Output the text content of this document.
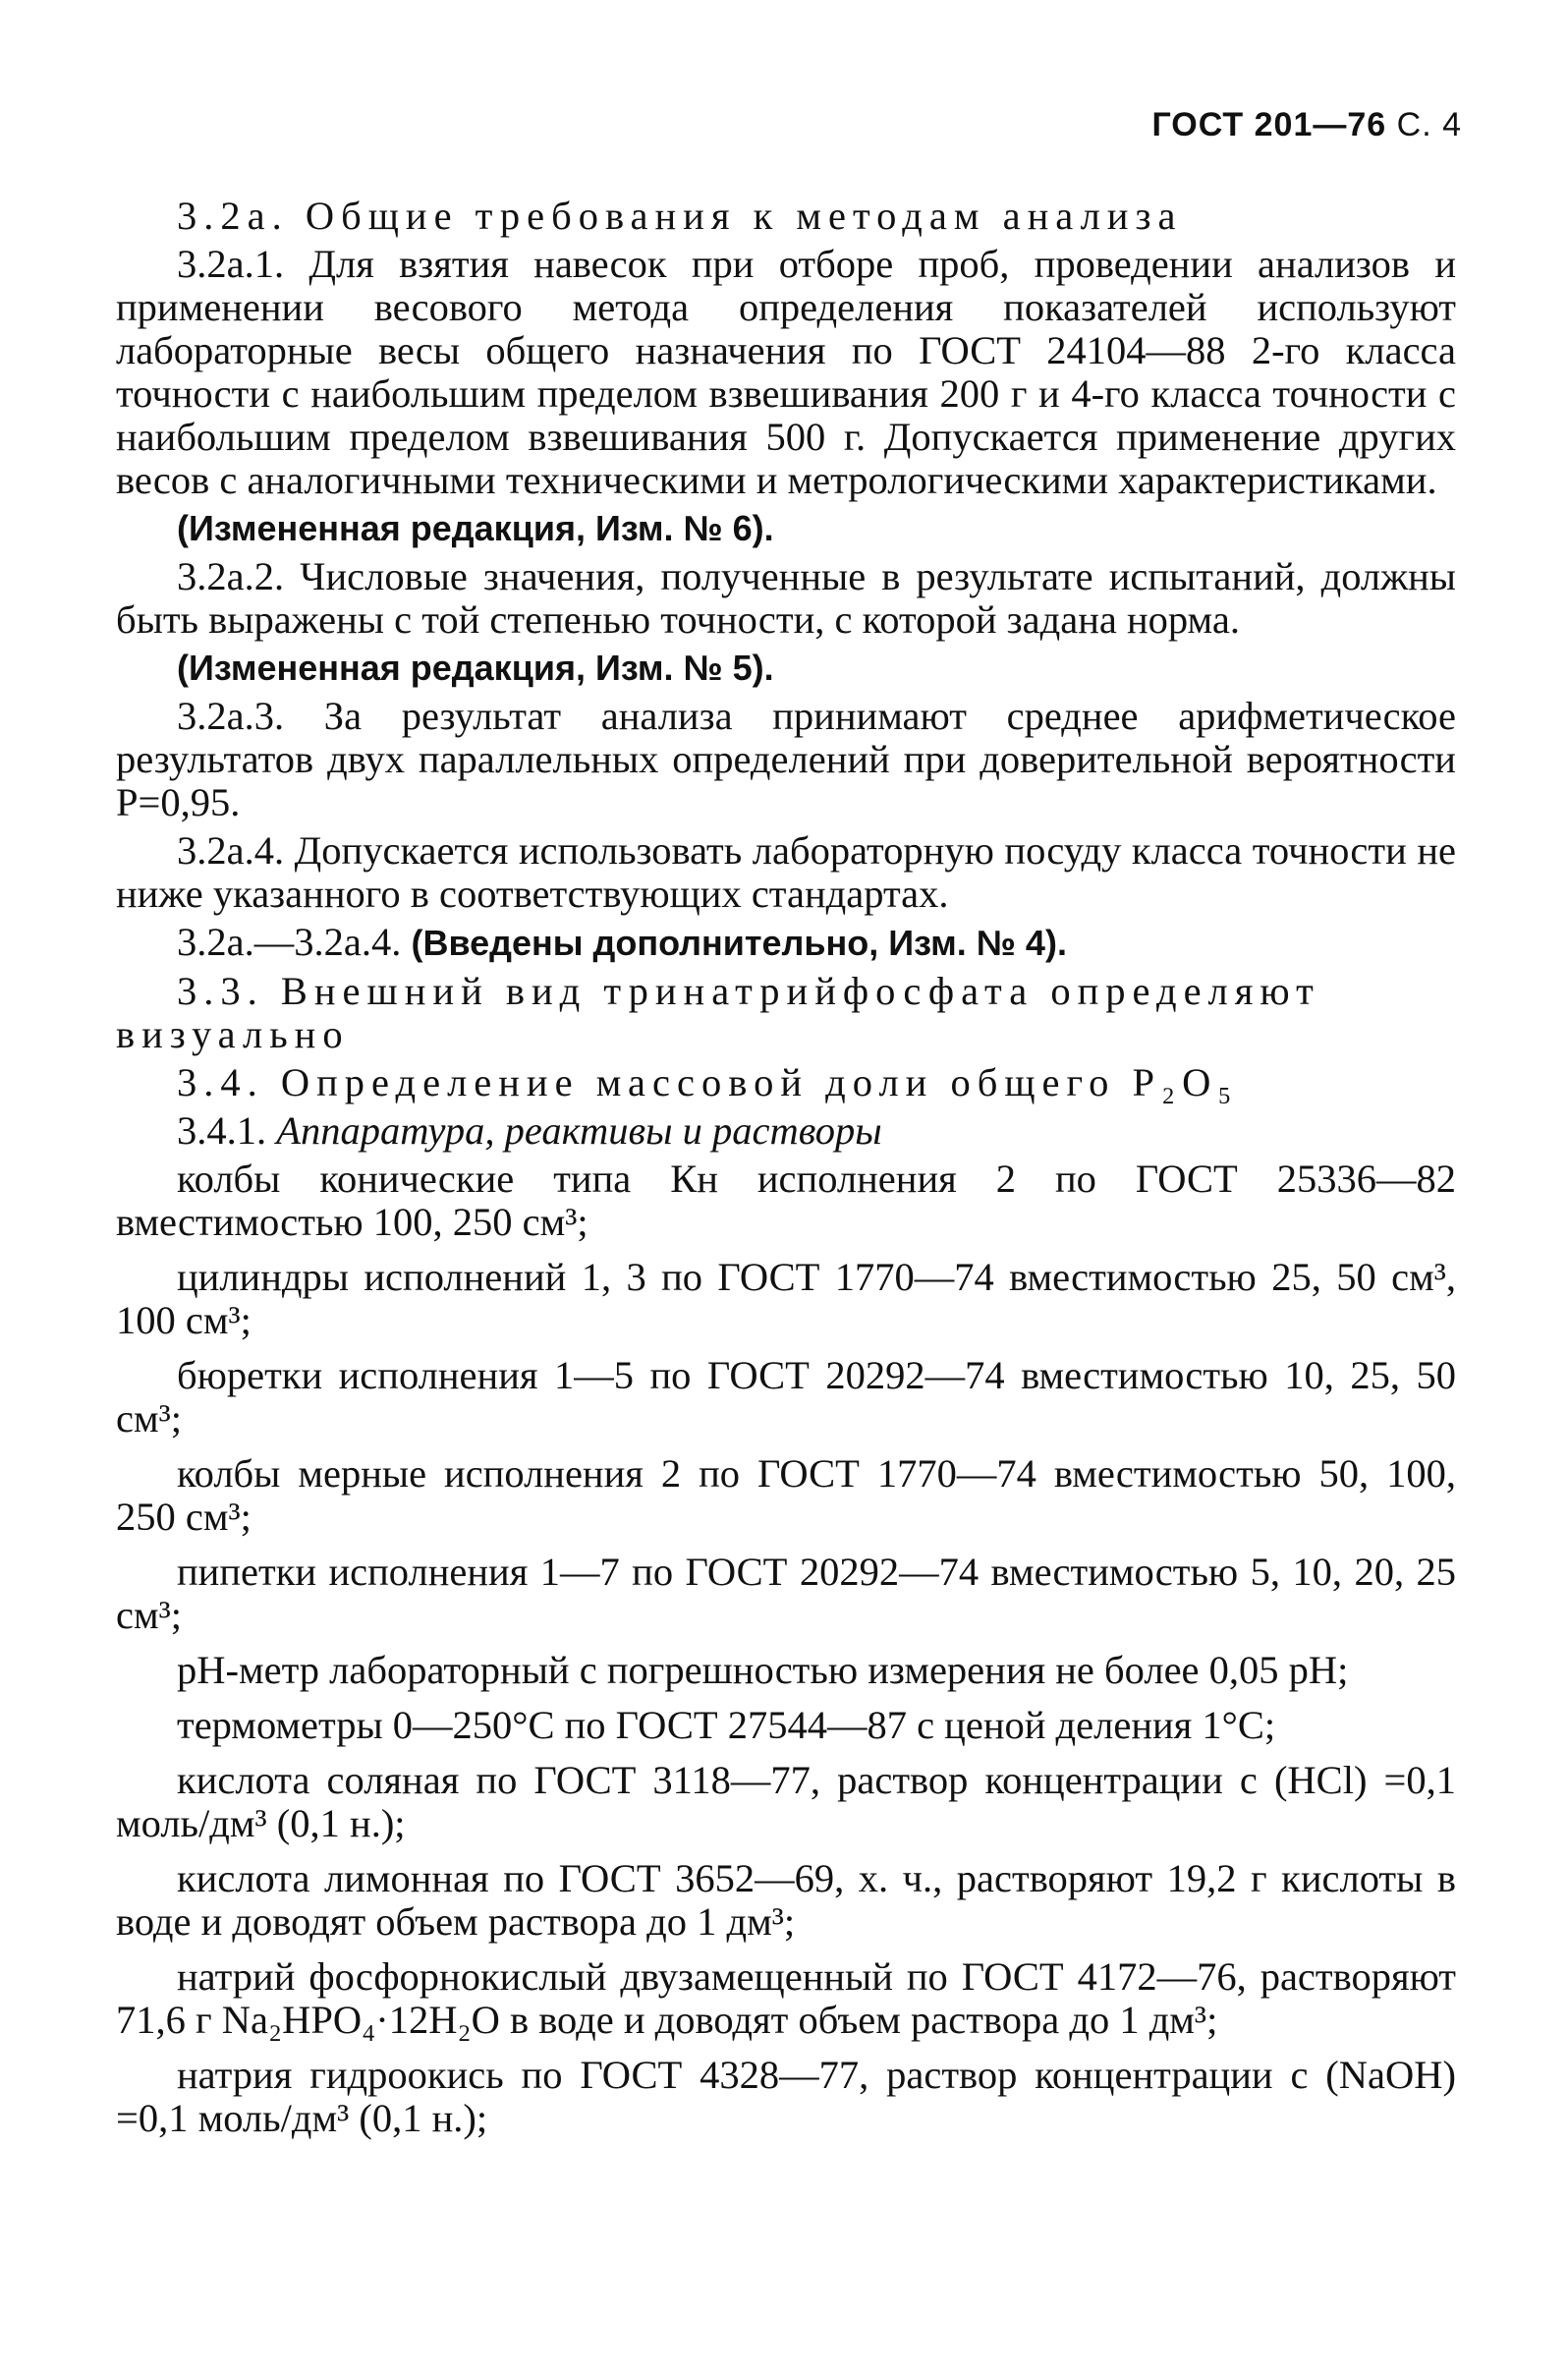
ГОСТ 201—76 С. 4

3.2а. Общие требования к методам анализа

3.2а.1. Для взятия навесок при отборе проб, проведении анализов и применении весового метода определения показателей используют лабораторные весы общего назначения по ГОСТ 24104—88 2-го класса точности с наибольшим пределом взвешивания 200 г и 4-го класса точности с наибольшим пределом взвешивания 500 г. Допускается применение других весов с аналогичными техническими и метрологическими характеристиками.

(Измененная редакция, Изм. № 6).

3.2а.2. Числовые значения, полученные в результате испытаний, должны быть выражены с той степенью точности, с которой задана норма.

(Измененная редакция, Изм. № 5).

3.2а.3. За результат анализа принимают среднее арифметическое результатов двух параллельных определений при доверительной вероятности P=0,95.

3.2а.4. Допускается использовать лабораторную посуду класса точности не ниже указанного в соответствующих стандартах.

3.2а.—3.2а.4. (Введены дополнительно, Изм. № 4).

3.3. Внешний вид тринатрийфосфата определяют визуально

3.4. Определение массовой доли общего P₂O₅

3.4.1. Аппаратура, реактивы и растворы

колбы конические типа Кн исполнения 2 по ГОСТ 25336—82 вместимостью 100, 250 см³;

цилиндры исполнений 1, 3 по ГОСТ 1770—74 вместимостью 25, 50 см³, 100 см³;

бюретки исполнения 1—5 по ГОСТ 20292—74 вместимостью 10, 25, 50 см³;

колбы мерные исполнения 2 по ГОСТ 1770—74 вместимостью 50, 100, 250 см³;

пипетки исполнения 1—7 по ГОСТ 20292—74 вместимостью 5, 10, 20, 25 см³;

рН-метр лабораторный с погрешностью измерения не более 0,05 рН;

термометры 0—250°С по ГОСТ 27544—87 с ценой деления 1°С;

кислота соляная по ГОСТ 3118—77, раствор концентрации с (HCl) =0,1 моль/дм³ (0,1 н.);

кислота лимонная по ГОСТ 3652—69, х. ч., растворяют 19,2 г кислоты в воде и доводят объем раствора до 1 дм³;

натрий фосфорнокислый двузамещенный по ГОСТ 4172—76, растворяют 71,6 г Na₂HPO₄·12H₂O в воде и доводят объем раствора до 1 дм³;

натрия гидроокись по ГОСТ 4328—77, раствор концентрации с (NaOH) =0,1 моль/дм³ (0,1 н.);
